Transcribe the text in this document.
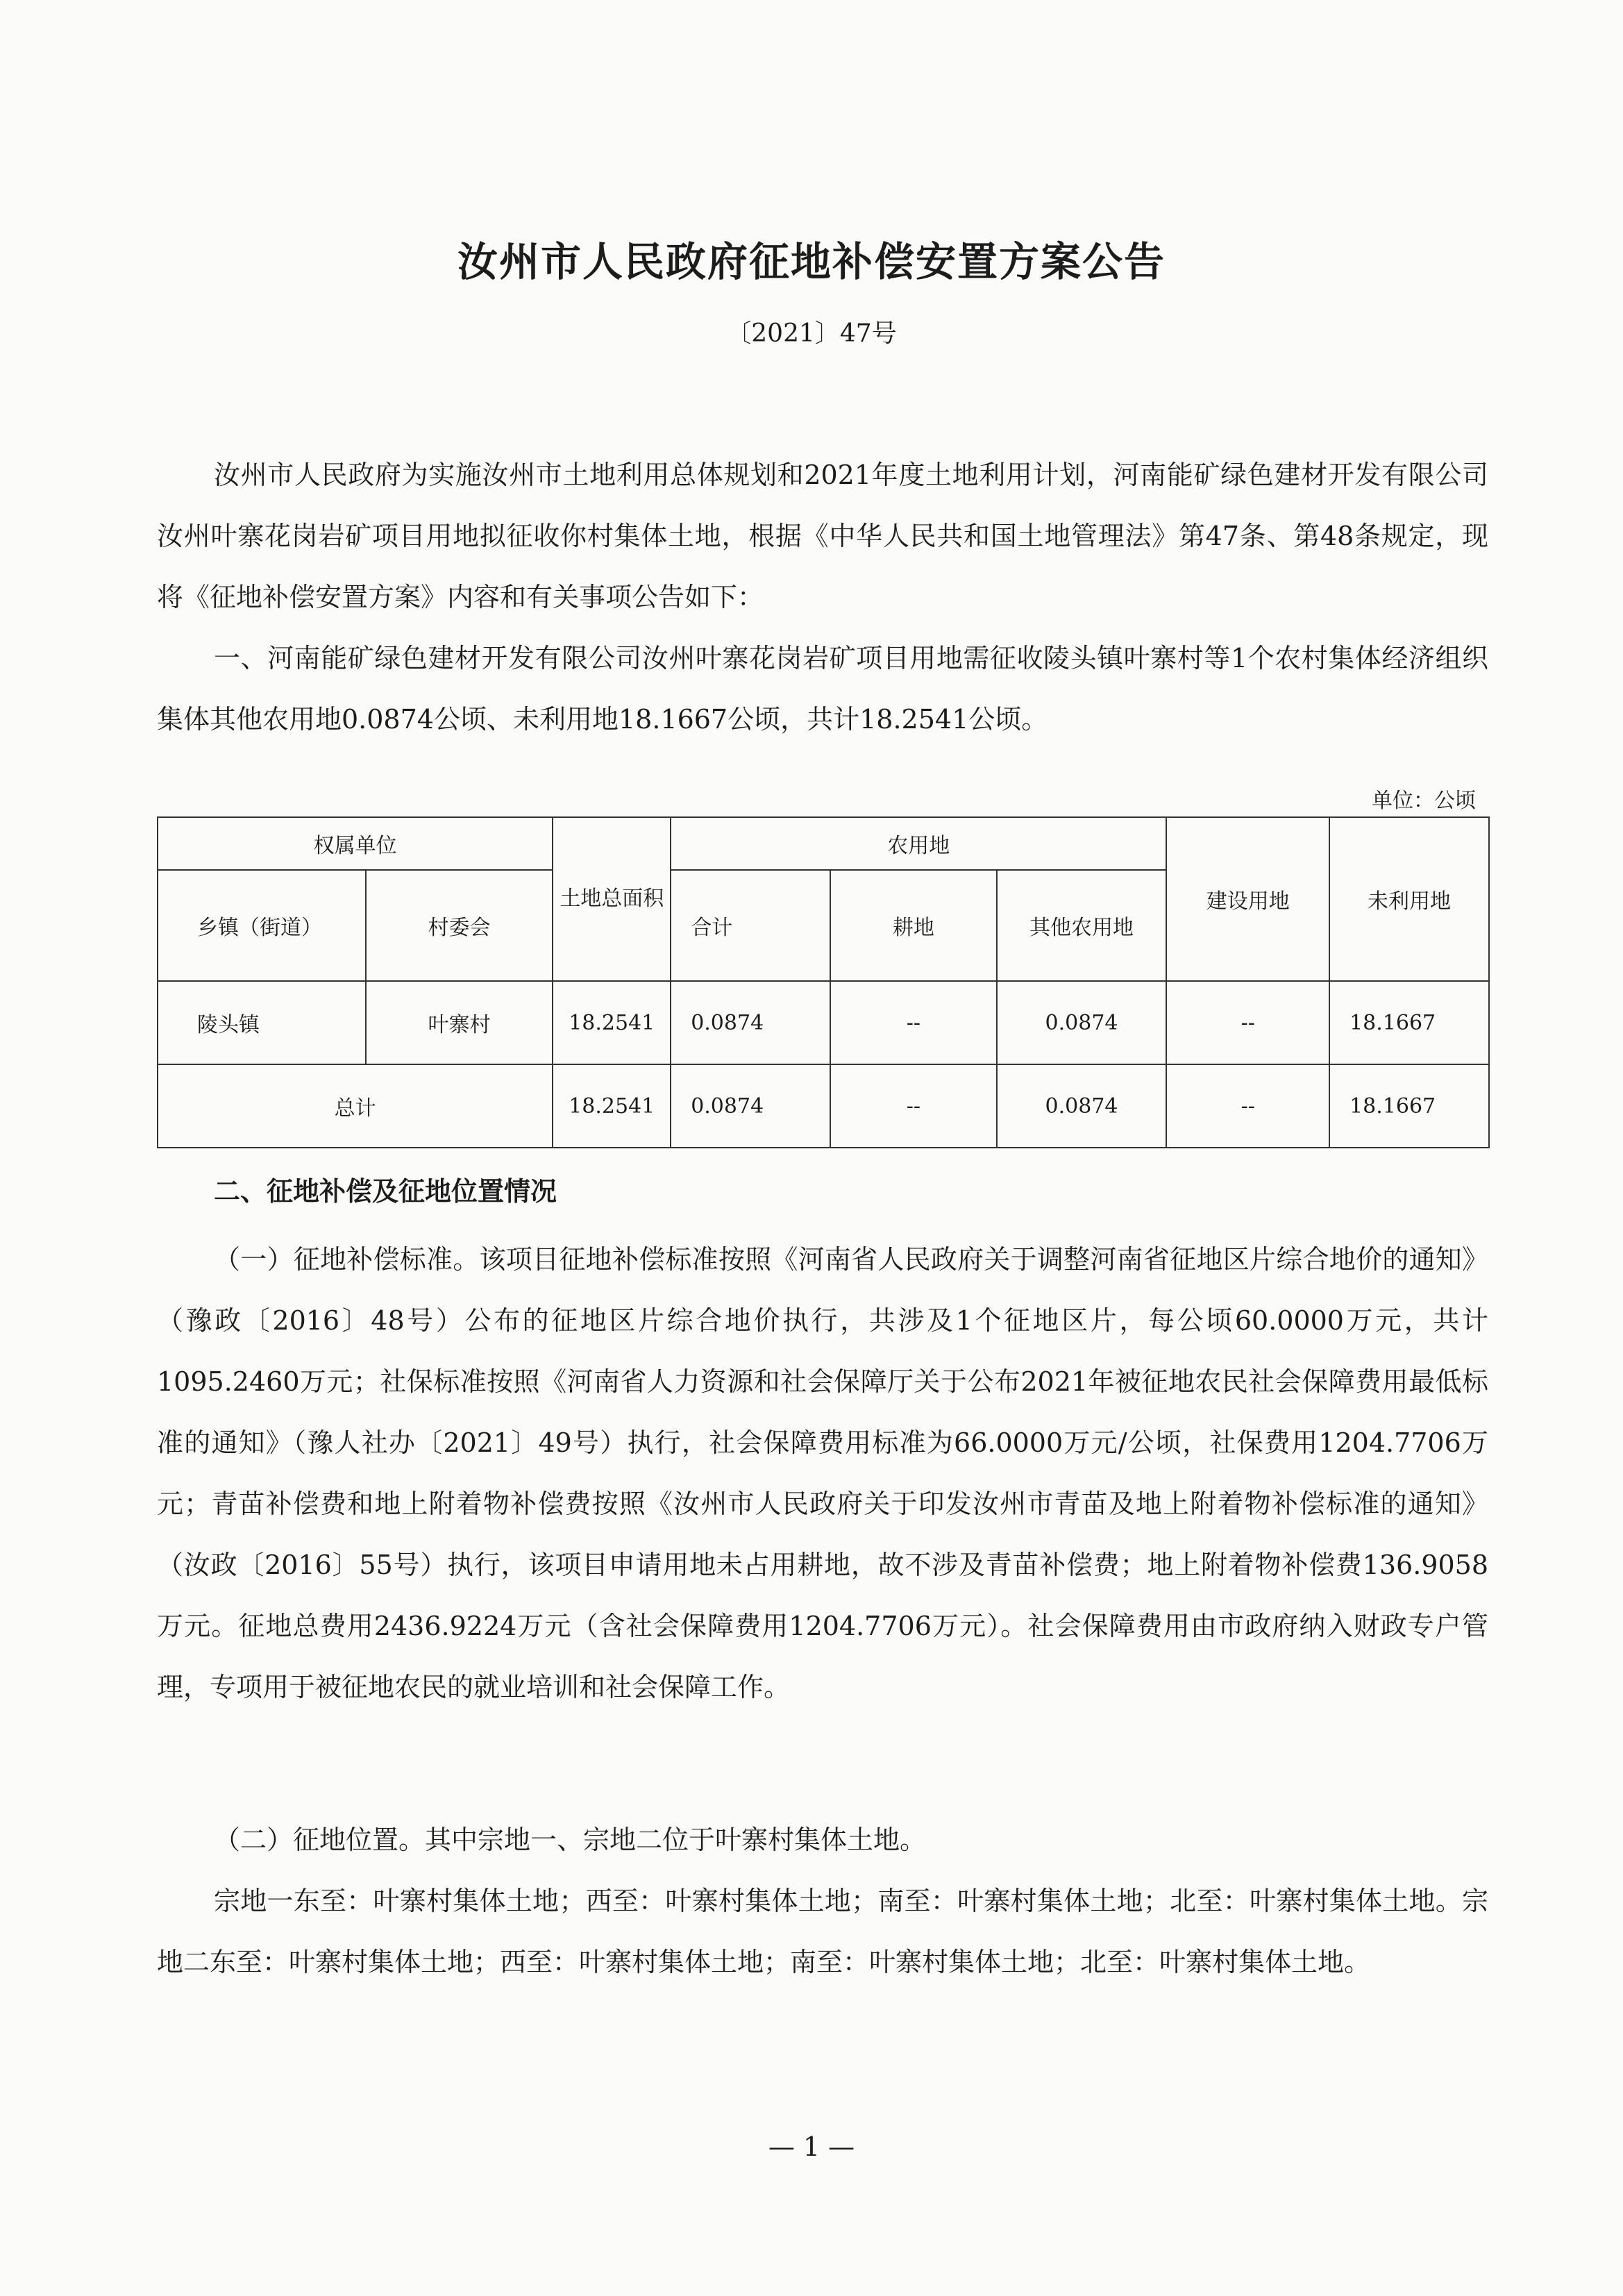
汝州市人民政府征地补偿安置方案公告
〔2021〕47号

汝州市人民政府为实施汝州市土地利用总体规划和2021年度土地利用计划，河南能矿绿色建材开发有限公司汝州叶寨花岗岩矿项目用地拟征收你村集体土地，根据《中华人民共和国土地管理法》第47条、第48条规定，现将《征地补偿安置方案》内容和有关事项公告如下：

一、河南能矿绿色建材开发有限公司汝州叶寨花岗岩矿项目用地需征收陵头镇叶寨村等1个农村集体经济组织集体其他农用地0.0874公顷、未利用地18.1667公顷，共计18.2541公顷。

单位：公顷
权属单位		土地总面积	农用地			建设用地	未利用地
乡镇（街道）	村委会		合计	耕地	其他农用地		
陵头镇	叶寨村	18.2541	0.0874	--	0.0874	--	18.1667
总计		18.2541	0.0874	--	0.0874	--	18.1667
二、征地补偿及征地位置情况

（一）征地补偿标准。该项目征地补偿标准按照《河南省人民政府关于调整河南省征地区片综合地价的通知》（豫政〔2016〕48号）公布的征地区片综合地价执行，共涉及1个征地区片，每公顷60.0000万元，共计1095.2460万元；社保标准按照《河南省人力资源和社会保障厅关于公布2021年被征地农民社会保障费用最低标准的通知》（豫人社办〔2021〕49号）执行，社会保障费用标准为66.0000万元/公顷，社保费用1204.7706万元；青苗补偿费和地上附着物补偿费按照《汝州市人民政府关于印发汝州市青苗及地上附着物补偿标准的通知》（汝政〔2016〕55号）执行，该项目申请用地未占用耕地，故不涉及青苗补偿费；地上附着物补偿费136.9058万元。征地总费用2436.9224万元（含社会保障费用1204.7706万元）。社会保障费用由市政府纳入财政专户管理，专项用于被征地农民的就业培训和社会保障工作。

（二）征地位置。其中宗地一、宗地二位于叶寨村集体土地。

宗地一东至：叶寨村集体土地；西至：叶寨村集体土地；南至：叶寨村集体土地；北至：叶寨村集体土地。宗地二东至：叶寨村集体土地；西至：叶寨村集体土地；南至：叶寨村集体土地；北至：叶寨村集体土地。

— 1 —
